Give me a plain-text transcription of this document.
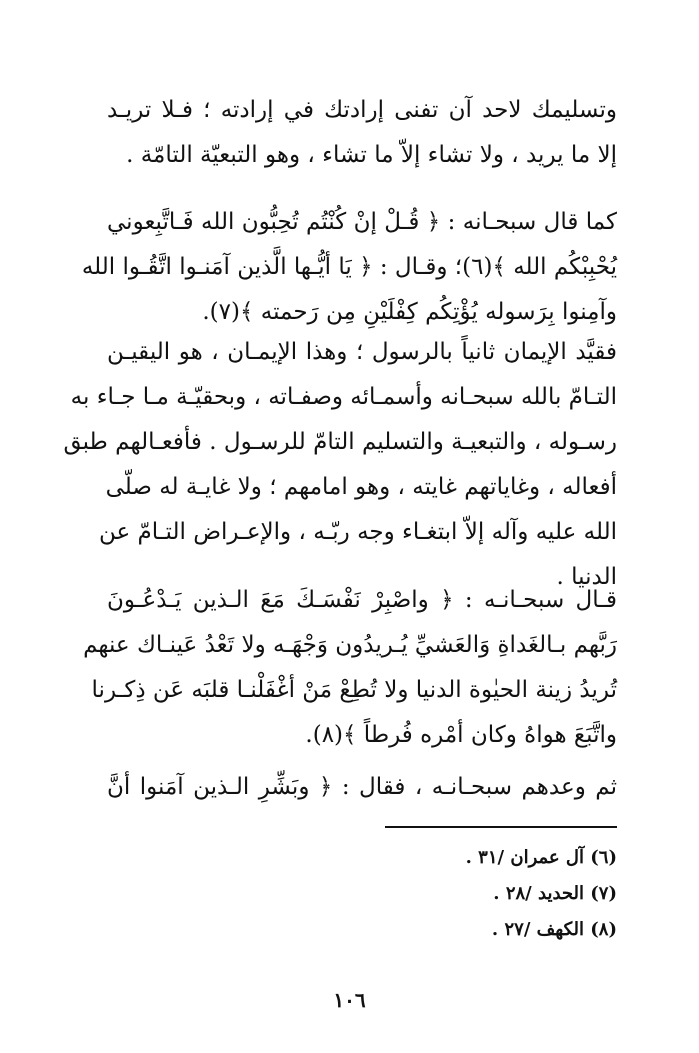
وتسليمك لاحد آن تفنى إرادتك في إرادته ؛ فـلا تريـد
إلا ما يريد ، ولا تشاء إلاّ ما تشاء ، وهو التبعيّة التامّة .
كما قال سبحـانه : ﴿ قُـلْ إنْ كُنْتُم تُحِبُّون الله فَـاتَّبِعوني
يُحْبِبْكُم الله ﴾(٦)؛ وقـال : ﴿ يَا أيُّـها الَّذين آمَنـوا اتَّقُـوا الله
وآمِنوا بِرَسوله يُؤْتِكُم كِفْلَيْنِ مِن رَحمته ﴾(٧).
فقيَّد الإيمان ثانياً بالرسول ؛ وهذا الإيمـان ، هو اليقيـن
التـامّ بالله سبحـانه وأسمـائه وصفـاته ، وبحقيّـة مـا جـاء به
رسـوله ، والتبعيـة والتسليم التامّ للرسـول . فأفعـالهم طبق
أفعاله ، وغاياتهم غايته ، وهو امامهم ؛ ولا غايـة له صلّى
الله عليه وآله إلاّ ابتغـاء وجه ربّـه ، والإعـراض التـامّ عن
الدنيا .
قـال سبحـانـه : ﴿ واصْبِرْ نَفْسَـكَ مَعَ الـذين يَـدْعُـونَ
رَبَّهم بـالغَداةِ وَالعَشيِّ يُـريدُون وَجْهَـه ولا تَعْدُ عَينـاك عنهم
تُريدُ زينة الحيٰوة الدنيا ولا تُطِعْ مَنْ أغْفَلْنـا قلبَه عَن ذِكـرنا
واتَّبَعَ هواهُ وكان أمْره فُرطاً ﴾(٨).
ثم وعدهم سبحـانـه ، فقال : ﴿ وبَشِّرِ الـذين آمَنوا أنَّ
(٦) آل عمران /٣١ .
(٧) الحديد /٢٨ .
(٨) الكهف /٢٧ .
١٠٦
